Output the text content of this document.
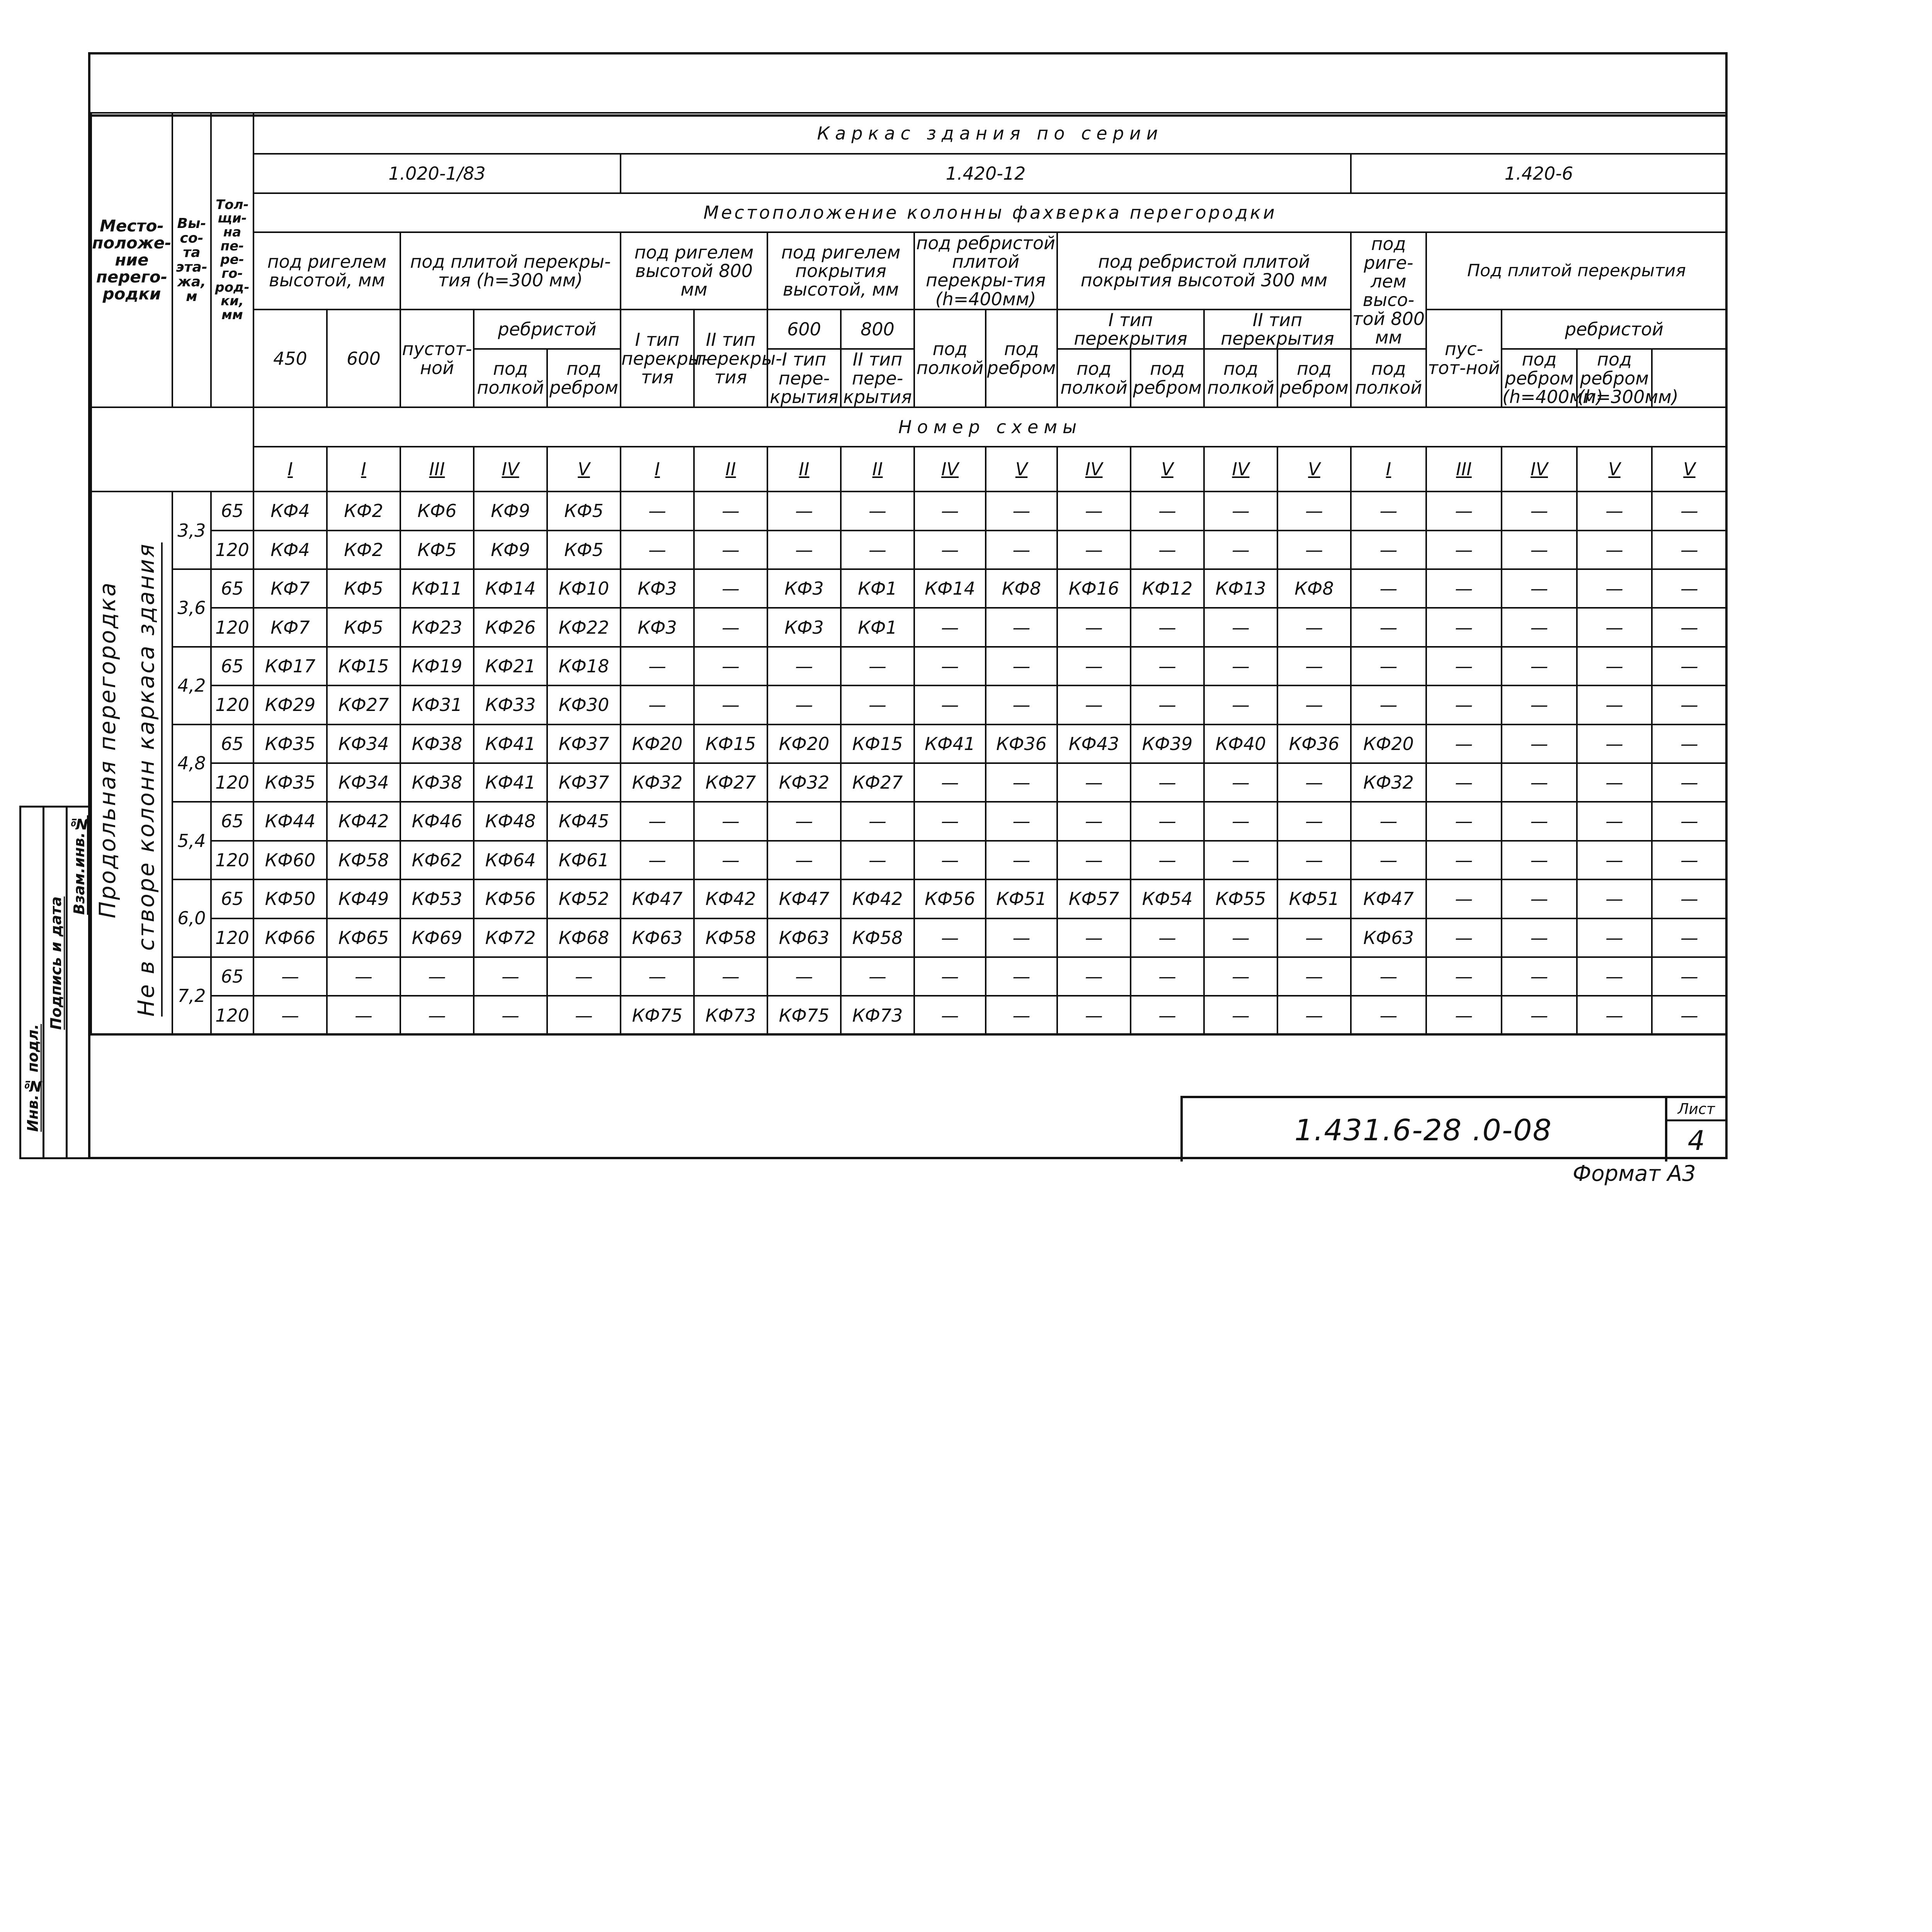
Место-положе-ние перего-родки	Вы-со-та эта-жа, м	Тол-щи-на пе-ре-го-род-ки, мм	Каркас здания по серии																			
			1.020-1/83					1.420-12										1.420-6				
			Местоположение колонны фахверка перегородки																			
			под ригелем высотой, мм		под плитой перекры-тия (h=300 мм)			под ригелем высотой 800 мм		под ригелем покрытия высотой, мм		под ребристой плитой перекры-тия (h=400мм)		под ребристой плитой покрытия высотой 300 мм				под риге-лем высо-той 800 мм	Под плитой перекрытия			
			450	600	пустот-ной	ребристой		I тип перекры-тия	II тип перекры-тия	600	800	под полкой	под ребром	I тип перекрытия		II тип перекрытия			пус-тот-ной	ребристой		
						под полкой	под ребром			I тип пере-крытия	II тип пере-крытия			под полкой	под ребром	под полкой	под ребром	под полкой		под ребром (h=400мм)	под ребром (h=300мм)	
			Номер схемы																			
			I	I	III	IV	V	I	II	II	II	IV	V	IV	V	IV	V	I	III	IV	V	V

Продольная перегородка Не в створе колонн каркаса здания	3,3	65	КФ4	КФ2	КФ6	КФ9	КФ5	—	—	—	—	—	—	—	—	—	—	—	—	—	—	—
		120	КФ4	КФ2	КФ5	КФ9	КФ5	—	—	—	—	—	—	—	—	—	—	—	—	—	—	—
	3,6	65	КФ7	КФ5	КФ11	КФ14	КФ10	КФ3	—	КФ3	КФ1	КФ14	КФ8	КФ16	КФ12	КФ13	КФ8	—	—	—	—	—
		120	КФ7	КФ5	КФ23	КФ26	КФ22	КФ3	—	КФ3	КФ1	—	—	—	—	—	—	—	—	—	—	—
	4,2	65	КФ17	КФ15	КФ19	КФ21	КФ18	—	—	—	—	—	—	—	—	—	—	—	—	—	—	—
		120	КФ29	КФ27	КФ31	КФ33	КФ30	—	—	—	—	—	—	—	—	—	—	—	—	—	—	—
	4,8	65	КФ35	КФ34	КФ38	КФ41	КФ37	КФ20	КФ15	КФ20	КФ15	КФ41	КФ36	КФ43	КФ39	КФ40	КФ36	КФ20	—	—	—	—
		120	КФ35	КФ34	КФ38	КФ41	КФ37	КФ32	КФ27	КФ32	КФ27	—	—	—	—	—	—	КФ32	—	—	—	—
	5,4	65	КФ44	КФ42	КФ46	КФ48	КФ45	—	—	—	—	—	—	—	—	—	—	—	—	—	—	—
		120	КФ60	КФ58	КФ62	КФ64	КФ61	—	—	—	—	—	—	—	—	—	—	—	—	—	—	—
	6,0	65	КФ50	КФ49	КФ53	КФ56	КФ52	КФ47	КФ42	КФ47	КФ42	КФ56	КФ51	КФ57	КФ54	КФ55	КФ51	КФ47	—	—	—	—
		120	КФ66	КФ65	КФ69	КФ72	КФ68	КФ63	КФ58	КФ63	КФ58	—	—	—	—	—	—	КФ63	—	—	—	—
	7,2	65	—	—	—	—	—	—	—	—	—	—	—	—	—	—	—	—	—	—	—	—
		120	—	—	—	—	—	КФ75	КФ73	КФ75	КФ73	—	—	—	—	—	—	—	—	—	—	—
1.431.6-28 .0-08
Лист
4
Формат А3
Инв.№ подл.
Подпись и дата
Взам.инв.№
